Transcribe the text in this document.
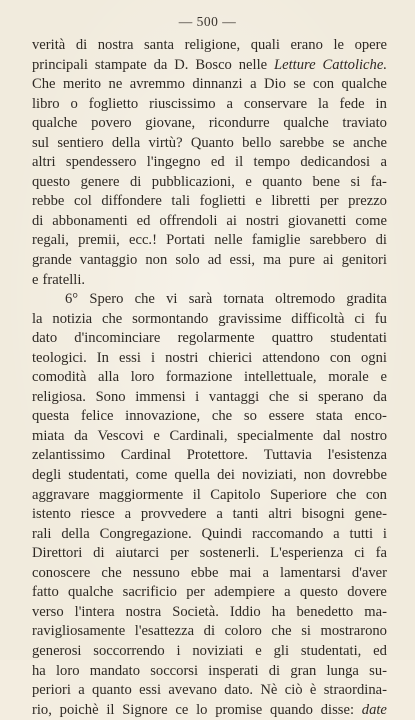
— 500 —
verità di nostra santa religione, quali erano le opere
principali stampate da D. Bosco nelle Letture Cattoliche.
Che merito ne avremmo dinnanzi a Dio se con qualche
libro o foglietto riuscissimo a conservare la fede in
qualche povero giovane, ricondurre qualche traviato
sul sentiero della virtù? Quanto bello sarebbe se anche
altri spendessero l'ingegno ed il tempo dedicandosi a
questo genere di pubblicazioni, e quanto bene si fa-
rebbe col diffondere tali foglietti e libretti per prezzo
di abbonamenti ed offrendoli ai nostri giovanetti come
regali, premii, ecc.! Portati nelle famiglie sarebbero di
grande vantaggio non solo ad essi, ma pure ai genitori
e fratelli.
6° Spero che vi sarà tornata oltremodo gradita
la notizia che sormontando gravissime difficoltà ci fu
dato d'incominciare regolarmente quattro studentati
teologici. In essi i nostri chierici attendono con ogni
comodità alla loro formazione intellettuale, morale e
religiosa. Sono immensi i vantaggi che si sperano da
questa felice innovazione, che so essere stata enco-
miata da Vescovi e Cardinali, specialmente dal nostro
zelantissimo Cardinal Protettore. Tuttavia l'esistenza
degli studentati, come quella dei noviziati, non dovrebbe
aggravare maggiormente il Capitolo Superiore che con
istento riesce a provvedere a tanti altri bisogni gene-
rali della Congregazione. Quindi raccomando a tutti i
Direttori di aiutarci per sostenerli. L'esperienza ci fa
conoscere che nessuno ebbe mai a lamentarsi d'aver
fatto qualche sacrificio per adempiere a questo dovere
verso l'intera nostra Società. Iddio ha benedetto ma-
ravigliosamente l'esattezza di coloro che si mostrarono
generosi soccorrendo i noviziati e gli studentati, ed
ha loro mandato soccorsi insperati di gran lunga su-
periori a quanto essi avevano dato. Nè ciò è straordina-
rio, poichè il Signore ce lo promise quando disse: date
